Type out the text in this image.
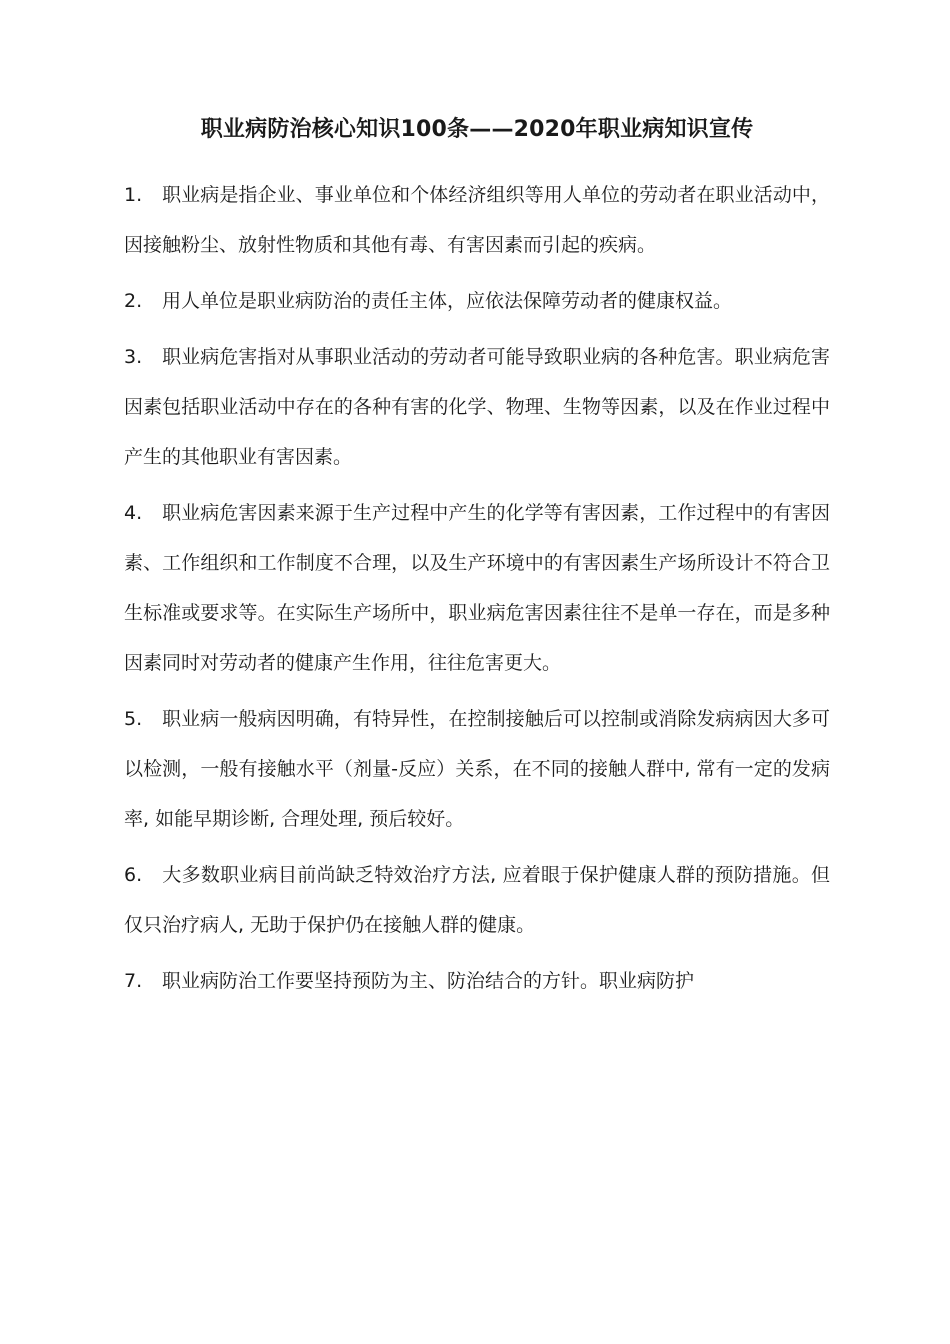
职业病防治核心知识100条——2020年职业病知识宣传
1. 职业病是指企业、事业单位和个体经济组织等用人单位的劳动者在职业活动中，因接触粉尘、放射性物质和其他有毒、有害因素而引起的疾病。
2. 用人单位是职业病防治的责任主体，应依法保障劳动者的健康权益。
3. 职业病危害指对从事职业活动的劳动者可能导致职业病的各种危害。职业病危害因素包括职业活动中存在的各种有害的化学、物理、生物等因素，以及在作业过程中产生的其他职业有害因素。
4. 职业病危害因素来源于生产过程中产生的化学等有害因素，工作过程中的有害因素、工作组织和工作制度不合理，以及生产环境中的有害因素生产场所设计不符合卫生标准或要求等。在实际生产场所中，职业病危害因素往往不是单一存在，而是多种因素同时对劳动者的健康产生作用，往往危害更大。
5. 职业病一般病因明确，有特异性，在控制接触后可以控制或消除发病病因大多可以检测，一般有接触水平（剂量-反应）关系，在不同的接触人群中, 常有一定的发病率, 如能早期诊断, 合理处理, 预后较好。
6. 大多数职业病目前尚缺乏特效治疗方法, 应着眼于保护健康人群的预防措施。但仅只治疗病人, 无助于保护仍在接触人群的健康。
7. 职业病防治工作要坚持预防为主、防治结合的方针。职业病防护
